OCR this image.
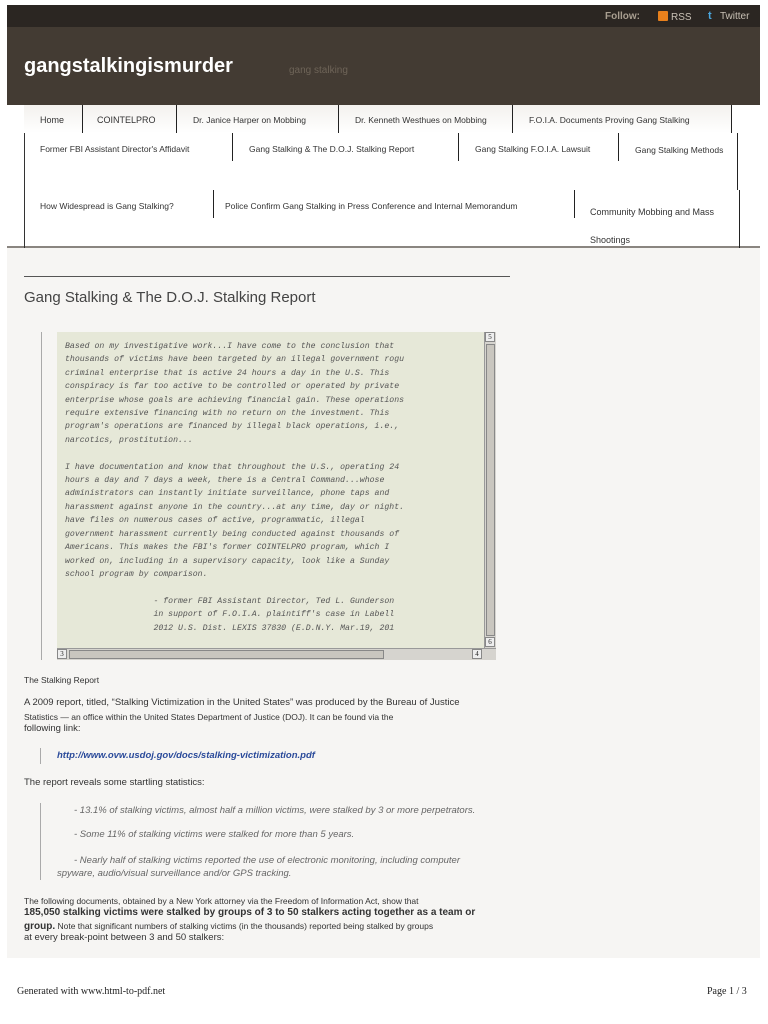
Follow:	RSS t Twitter
gangstalkingismurder	gang stalking
Home	COINTELPRO	Dr. Janice Harper on Mobbing	Dr. Kenneth Westhues on Mobbing	F.O.I.A. Documents Proving Gang Stalking
Former FBI Assistant Director's Affidavit	Gang Stalking & The D.O.J. Stalking Report	Gang Stalking F.O.I.A. Lawsuit	Gang Stalking Methods
How Widespread is Gang Stalking?	Police Confirm Gang Stalking in Press Conference and Internal Memorandum
Community Mobbing and Mass Shootings
Gang Stalking & The D.O.J. Stalking Report
Based on my investigative work...I have come to the conclusion that
thousands of victims have been targeted by an illegal government rogu
criminal enterprise that is active 24 hours a day in the U.S. This
conspiracy is far too active to be controlled or operated by private
enterprise whose goals are achieving financial gain. These operations
require extensive financing with no return on the investment. This
program's operations are financed by illegal black operations, i.e.,
narcotics, prostitution...

I have documentation and know that throughout the U.S., operating 24
hours a day and 7 days a week, there is a Central Command...whose
administrators can instantly initiate surveillance, phone taps and
harassment against anyone in the country...at any time, day or night.
have files on numerous cases of active, programmatic, illegal
government harassment currently being conducted against thousands of
Americans. This makes the FBI's former COINTELPRO program, which I
worked on, including in a supervisory capacity, look like a Sunday
school program by comparison.

- former FBI Assistant Director, Ted L. Gunderson
in support of F.O.I.A. plaintiff's case in Labell
2012 U.S. Dist. LEXIS 37830 (E.D.N.Y. Mar.19, 201
5
6
3	4
The Stalking Report
A 2009 report, titled, “Stalking Victimization in the United States” was produced by the Bureau of Justice
Statistics — an office within the United States Department of Justice (DOJ). It can be found via the
following link:
http://www.ovw.usdoj.gov/docs/stalking-victimization.pdf
The report reveals some startling statistics:
- 13.1% of stalking victims, almost half a million victims, were stalked by 3 or more perpetrators.
- Some 11% of stalking victims were stalked for more than 5 years.
- Nearly half of stalking victims reported the use of electronic monitoring, including computer
spyware, audio/visual surveillance and/or GPS tracking.
The following documents, obtained by a New York attorney via the Freedom of Information Act, show that
185,050 stalking victims were stalked by groups of 3 to 50 stalkers acting together as a team or
group. Note that significant numbers of stalking victims (in the thousands) reported being stalked by groups
at every break-point between 3 and 50 stalkers:
Generated with www.html-to-pdf.net	Page 1 / 3
